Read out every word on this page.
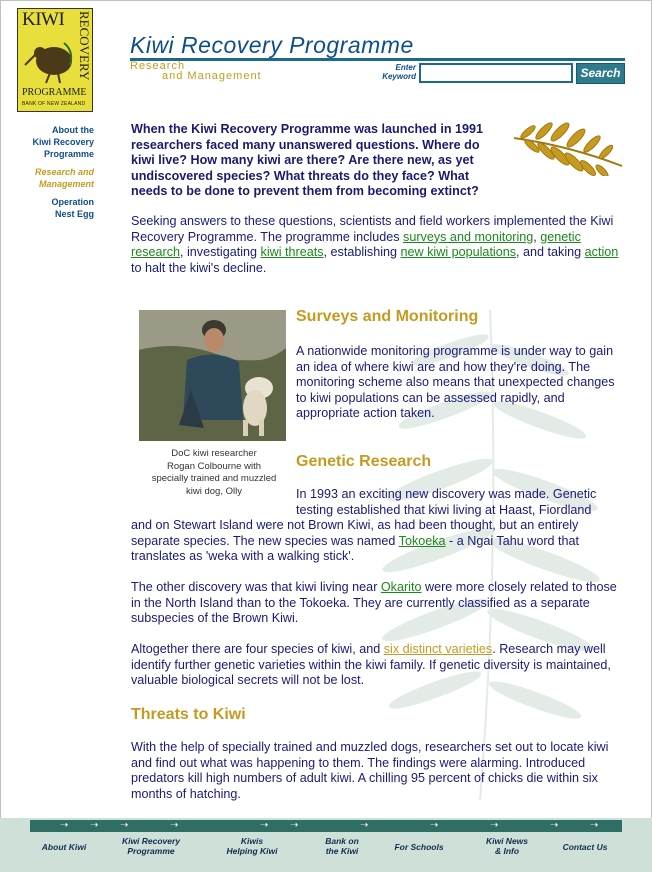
KIWI RECOVERY
PROGRAMME
BANK OF NEW ZEALAND
Kiwi Recovery Programme
Research
and Management
Enter
Keyword	Search
About the
Kiwi Recovery
Programme
Research and
Management
Operation
Nest Egg
When the Kiwi Recovery Programme was launched in 1991 researchers faced many unanswered questions. Where do kiwi live? How many kiwi are there? Are there new, as yet undiscovered species? What threats do they face? What needs to be done to prevent them from becoming extinct?
Seeking answers to these questions, scientists and field workers implemented the Kiwi Recovery Programme. The programme includes surveys and monitoring, genetic research, investigating kiwi threats, establishing new kiwi populations, and taking action to halt the kiwi's decline.
DoC kiwi researcher
Rogan Colbourne with
specially trained and muzzled
kiwi dog, Olly
Surveys and Monitoring
A nationwide monitoring programme is under way to gain an idea of where kiwi are and how they're doing. The monitoring scheme also means that unexpected changes to kiwi populations can be assessed rapidly, and appropriate action taken.
Genetic Research
In 1993 an exciting new discovery was made. Genetic
testing established that kiwi living at Haast, Fiordland
and on Stewart Island were not Brown Kiwi, as had been thought, but an entirely separate species. The new species was named Tokoeka - a Ngai Tahu word that translates as 'weka with a walking stick'.
The other discovery was that kiwi living near Okarito were more closely related to those in the North Island than to the Tokoeka. They are currently classified as a separate subspecies of the Brown Kiwi.
Altogether there are four species of kiwi, and six distinct varieties. Research may well identify further genetic varieties within the kiwi family. If genetic diversity is maintained, valuable biological secrets will not be lost.
Threats to Kiwi
With the help of specially trained and muzzled dogs, researchers set out to locate kiwi and find out what was happening to them. The findings were alarming. Introduced predators kill high numbers of adult kiwi. A chilling 95 percent of chicks die within six months of hatching.
➝ ➝ ➝	➝	➝ ➝	➝	➝	➝	➝	➝
About Kiwi
Kiwi Recovery
Programme
Kiwis
Helping Kiwi
Bank on
the Kiwi	For Schools
Kiwi News
& Info	Contact Us
